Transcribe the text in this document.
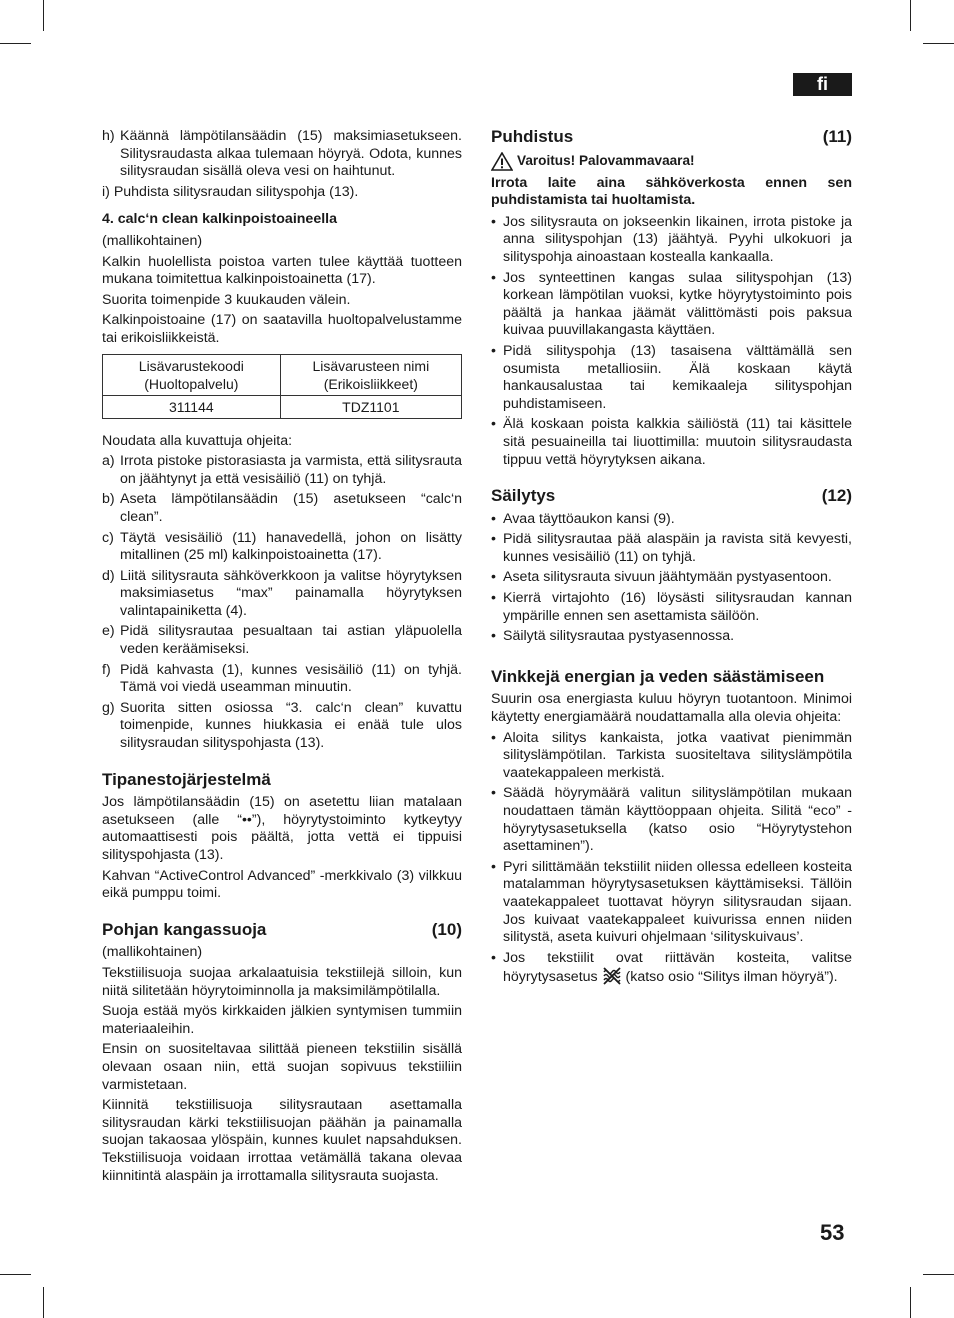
fi
h) Käännä lämpötilansäädin (15) maksimiasetukseen. Silitysraudasta alkaa tulemaan höyryä. Odota, kunnes silitysraudan sisällä oleva vesi on haihtunut.

i) Puhdista silitysraudan silityspohja (13).

4. calc‘n clean kalkinpoistoaineella

(mallikohtainen)

Kalkin huolellista poistoa varten tulee käyttää tuotteen mukana toimitettua kalkinpoistoainetta (17).

Suorita toimenpide 3 kuukauden välein.

Kalkinpoistoaine (17) on saatavilla huoltopalvelustamme tai erikoisliikkeistä.

Lisävarustekoodi (Huoltopalvelu)	Lisävarusteen nimi (Erikoisliikkeet)
311144	TDZ1101

Noudata alla kuvattuja ohjeita:

a) Irrota pistoke pistorasiasta ja varmista, että silitysrauta on jäähtynyt ja että vesisäiliö (11) on tyhjä.
b) Aseta lämpötilansäädin (15) asetukseen “calc‘n clean”.
c) Täytä vesisäiliö (11) hanavedellä, johon on lisätty mitallinen (25 ml) kalkinpoistoainetta (17).
d) Liitä silitysrauta sähköverkkoon ja valitse höyrytyksen maksimiasetus “max” painamalla höyrytyksen valintapainiketta (4).
e) Pidä silitysrautaa pesualtaan tai astian yläpuolella veden keräämiseksi.
f) Pidä kahvasta (1), kunnes vesisäiliö (11) on tyhjä. Tämä voi viedä useamman minuutin.
g) Suorita sitten osiossa “3. calc‘n clean” kuvattu toimenpide, kunnes hiukkasia ei enää tule ulos silitysraudan silityspohjasta (13).
Tipanestojärjestelmä

Jos lämpötilansäädin (15) on asetettu liian matalaan asetukseen (alle “••”), höyrytystoiminto kytkeytyy automaattisesti pois päältä, jotta vettä ei tippuisi silityspohjasta (13).

Kahvan “ActiveControl Advanced” -merkkivalo (3) vilkkuu eikä pumppu toimi.

Pohjan kangassuoja	(10)

(mallikohtainen)

Tekstiilisuoja suojaa arkalaatuisia tekstiilejä silloin, kun niitä silitetään höyrytoiminnolla ja maksimilämpötilalla.

Suoja estää myös kirkkaiden jälkien syntymisen tummiin materiaaleihin.

Ensin on suositeltavaa silittää pieneen tekstiilin sisällä olevaan osaan niin, että suojan sopivuus tekstiiliin varmistetaan.

Kiinnitä tekstiilisuoja silitysrautaan asettamalla silitysraudan kärki tekstiilisuojan päähän ja painamalla suojan takaosaa ylöspäin, kunnes kuulet napsahduksen. Tekstiilisuoja voidaan irrottaa vetämällä takana olevaa kiinnitintä alaspäin ja irrottamalla silitysrauta suojasta.

Puhdistus	(11)
Varoitus! Palovammavaara!

Irrota laite aina sähköverkosta ennen sen puhdistamista tai huoltamista.

• Jos silitysrauta on jokseenkin likainen, irrota pistoke ja anna silityspohjan (13) jäähtyä. Pyyhi ulkokuori ja silityspohja ainoastaan kostealla kankaalla.
• Jos synteettinen kangas sulaa silityspohjan (13) korkean lämpötilan vuoksi, kytke höyrytystoiminto pois päältä ja hankaa jäämät välittömästi pois paksua kuivaa puuvillakangasta käyttäen.
• Pidä silityspohja (13) tasaisena välttämällä sen osumista metalliosiin. Älä koskaan käytä hankausalustaa tai kemikaaleja silityspohjan puhdistamiseen.
• Älä koskaan poista kalkkia säiliöstä (11) tai käsittele sitä pesuaineilla tai liuottimilla: muutoin silitysraudasta tippuu vettä höyrytyksen aikana.
Säilytys	(12)
• Avaa täyttöaukon kansi (9).
• Pidä silitysrautaa pää alaspäin ja ravista sitä kevyesti, kunnes vesisäiliö (11) on tyhjä.
• Aseta silitysrauta sivuun jäähtymään pystyasentoon.
• Kierrä virtajohto (16) löysästi silitysraudan kannan ympärille ennen sen asettamista säilöön.
• Säilytä silitysrautaa pystyasennossa.
Vinkkejä energian ja veden säästämiseen

Suurin osa energiasta kuluu höyryn tuotantoon. Minimoi käytetty energiamäärä noudattamalla alla olevia ohjeita:

• Aloita silitys kankaista, jotka vaativat pienimmän silityslämpötilan. Tarkista suositeltava silityslämpötila vaatekappaleen merkistä.
• Säädä höyrymäärä valitun silityslämpötilan mukaan noudattaen tämän käyttöoppaan ohjeita. Silitä “eco” -höyrytysasetuksella (katso osio “Höyrytystehon asettaminen”).
• Pyri silittämään tekstiilit niiden ollessa edelleen kosteita matalamman höyrytysasetuksen käyttämiseksi. Tällöin vaatekappaleet tuottavat höyryn silitysraudan sijaan. Jos kuivaat vaatekappaleet kuivurissa ennen niiden silitystä, aseta kuivuri ohjelmaan ‘silityskuivaus’.
• Jos tekstiilit ovat riittävän kosteita, valitse höyrytysasetus (katso osio “Silitys ilman höyryä”).
53
